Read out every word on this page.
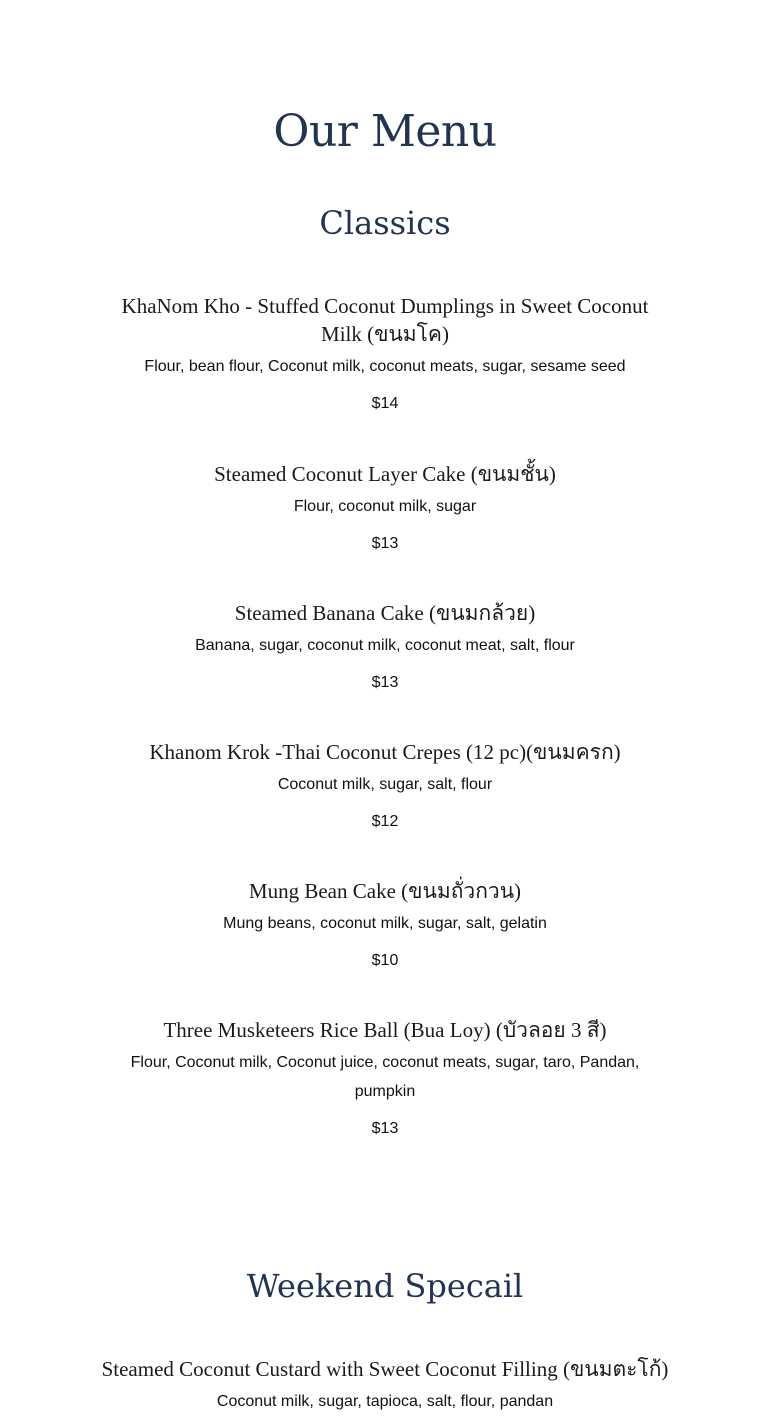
Our Menu
Classics

KhaNom Kho - Stuffed Coconut Dumplings in Sweet Coconut Milk (ขนมโค)

Flour, bean flour, Coconut milk, coconut meats, sugar, sesame seed

$14

Steamed Coconut Layer Cake (ขนมชั้น)

Flour, coconut milk, sugar

$13

Steamed Banana Cake (ขนมกล้วย)

Banana, sugar, coconut milk, coconut meat, salt, flour

$13

Khanom Krok -Thai Coconut Crepes (12 pc)(ขนมครก)

Coconut milk, sugar, salt, flour

$12

Mung Bean Cake (ขนมถั่วกวน)

Mung beans, coconut milk, sugar, salt, gelatin

$10

Three Musketeers Rice Ball (Bua Loy) (บัวลอย 3 สี)

Flour, Coconut milk, Coconut juice, coconut meats, sugar, taro, Pandan, pumpkin

$13

Weekend Specail

Steamed Coconut Custard with Sweet Coconut Filling (ขนมตะโก้)

Coconut milk, sugar, tapioca, salt, flour, pandan
